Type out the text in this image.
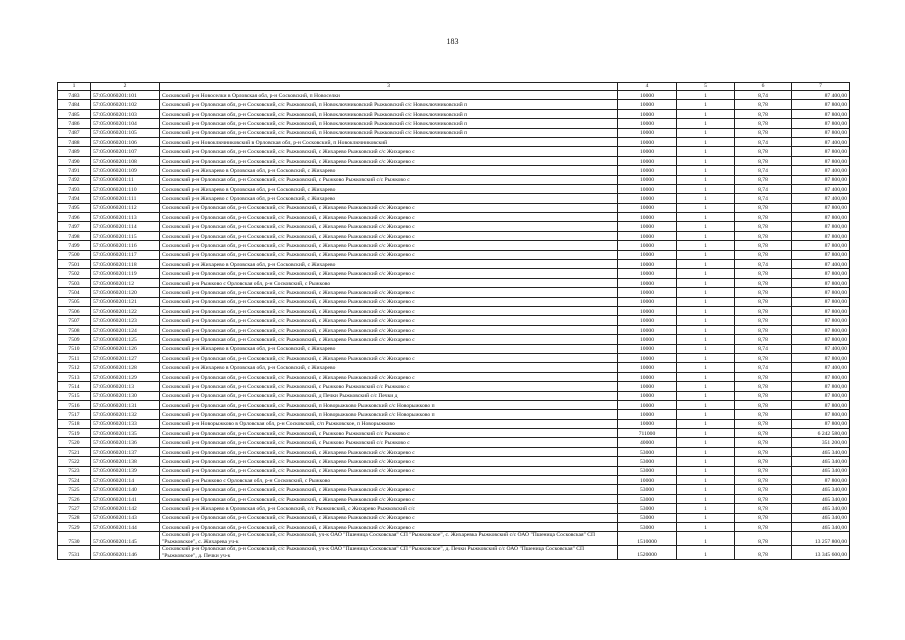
183
1	2	3	4	5	6	7
7483	57:05:0060201:101	Сосковский р-н Новоселки в Орловская обл, р-н Сосковский, п Новоселки	10000	1	8,74	87 400,00
7484	57:05:0060201:102	Сосковский р-н Орловская обл, р-н Сосковский, с/с Рыжковский, п Новоключниковский Рыжковский с/с Новоключниковский п	10000	1	8,78	87 800,00
7485	57:05:0060201:103	Сосковский р-н Орловская обл, р-н Сосковский, с/с Рыжковский, п Новоключниковский Рыжковский с/с Новоключниковский п	10000	1	8,78	87 800,00
7486	57:05:0060201:104	Сосковский р-н Орловская обл, р-н Сосковский, с/с Рыжковский, п Новоключниковский Рыжковский с/с Новоключниковский п	10000	1	8,78	87 800,00
7487	57:05:0060201:105	Сосковский р-н Орловская обл, р-н Сосковский, с/с Рыжковский, п Новоключниковский Рыжковский с/с Новоключниковский п	10000	1	8,78	87 800,00
7488	57:05:0060201:106	Сосковский р-н Новоключниковский в Орловская обл, р-н Сосковский, п Новоключниковский	10000	1	8,74	87 400,00
7489	57:05:0060201:107	Сосковский р-н Орловская обл, р-н Сосковский, с/с Рыжковский, с Жихарево Рыжковский с/с Жихарево с	10000	1	8,78	87 800,00
7490	57:05:0060201:108	Сосковский р-н Орловская обл, р-н Сосковский, с/с Рыжковский, с Жихарево Рыжковский с/с Жихарево с	10000	1	8,78	87 800,00
7491	57:05:0060201:109	Сосковский р-н Жихарево в Орловская обл, р-н Сосковский, с Жихарево	10000	1	8,74	87 400,00
7492	57:05:0060201:11	Сосковский р-н Орловская обл, р-н Сосковский, с/с Рыжковский, с Рыжково Рыжковский с/с Рыжково с	10000	1	8,78	87 800,00
7493	57:05:0060201:110	Сосковский р-н Жихарево в Орловская обл, р-н Сосковский, с Жихарево	10000	1	8,74	87 400,00
7494	57:05:0060201:111	Сосковский р-н Жихарево с Орловская обл, р-н Сосковский, с Жихарево	10000	1	8,74	87 400,00
7495	57:05:0060201:112	Сосковский р-н Орловская обл, р-н Сосковский, с/с Рыжковский, с Жихарево Рыжковский с/с Жихарево с	10000	1	8,78	87 800,00
7496	57:05:0060201:113	Сосковский р-н Орловская обл, р-н Сосковский, с/с Рыжковский, с Жихарево Рыжковский с/с Жихарево с	10000	1	8,78	87 800,00
7497	57:05:0060201:114	Сосковский р-н Орловская обл, р-н Сосковский, с/с Рыжковский, с Жихарево Рыжковский с/с Жихарево с	10000	1	8,78	87 800,00
7498	57:05:0060201:115	Сосковский р-н Орловская обл, р-н Сосковский, с/с Рыжковский, с Жихарево Рыжковский с/с Жихарево с	10000	1	8,78	87 800,00
7499	57:05:0060201:116	Сосковский р-н Орловская обл, р-н Сосковский, с/с Рыжковский, с Жихарево Рыжковский с/с Жихарево с	10000	1	8,78	87 800,00
7500	57:05:0060201:117	Сосковский р-н Орловская обл, р-н Сосковский, с/с Рыжковский, с Жихарево Рыжковский с/с Жихарево с	10000	1	8,78	87 800,00
7501	57:05:0060201:118	Сосковский р-н Жихарево в Орловская обл, р-н Сосковский, с Жихарево	10000	1	8,74	87 400,00
7502	57:05:0060201:119	Сосковский р-н Орловская обл, р-н Сосковский, с/с Рыжковский, с Жихарево Рыжковский с/с Жихарево с	10000	1	8,78	87 800,00
7503	57:05:0060201:12	Сосковский р-н Рыжково с Орловская обл, р-н Сосковский, с Рыжково	10000	1	8,78	87 800,00
7504	57:05:0060201:120	Сосковский р-н Орловская обл, р-н Сосковский, с/с Рыжковский, с Жихарево Рыжковский с/с Жихарево с	10000	1	8,78	87 800,00
7505	57:05:0060201:121	Сосковский р-н Орловская обл, р-н Сосковский, с/с Рыжковский, с Жихарево Рыжковский с/с Жихарево с	10000	1	8,78	87 800,00
7506	57:05:0060201:122	Сосковский р-н Орловская обл, р-н Сосковский, с/с Рыжковский, с Жихарево Рыжковский с/с Жихарево с	10000	1	8,78	87 800,00
7507	57:05:0060201:123	Сосковский р-н Орловская обл, р-н Сосковский, с/с Рыжковский, с Жихарево Рыжковский с/с Жихарево с	10000	1	8,78	87 800,00
7508	57:05:0060201:124	Сосковский р-н Орловская обл, р-н Сосковский, с/с Рыжковский, с Жихарево Рыжковский с/с Жихарево с	10000	1	8,78	87 800,00
7509	57:05:0060201:125	Сосковский р-н Орловская обл, р-н Сосковский, с/с Рыжковский, с Жихарево Рыжковский с/с Жихарево с	10000	1	8,78	87 800,00
7510	57:05:0060201:126	Сосковский р-н Жихарево в Орловская обл, р-н Сосковский, с Жихарево	10000	1	8,74	87 400,00
7511	57:05:0060201:127	Сосковский р-н Орловская обл, р-н Сосковский, с/с Рыжковский, с Жихарево Рыжковский с/с Жихарево с	10000	1	8,78	87 800,00
7512	57:05:0060201:128	Сосковский р-н Жихарево в Орловская обл, р-н Сосковский, с Жихарево	10000	1	8,74	87 400,00
7513	57:05:0060201:129	Сосковский р-н Орловская обл, р-н Сосковский, с/с Рыжковский, с Жихарево Рыжковский с/с Жихарево с	10000	1	8,78	87 800,00
7514	57:05:0060201:13	Сосковский р-н Орловская обл, р-н Сосковский, с/с Рыжковский, с Рыжково Рыжковский с/с Рыжково с	10000	1	8,78	87 800,00
7515	57:05:0060201:130	Сосковский р-н Орловская обл, р-н Сосковский, с/с Рыжковский, д Печки Рыжковский с/с Печки д	10000	1	8,78	87 800,00
7516	57:05:0060201:131	Сосковский р-н Орловская обл, р-н Сосковский, с/с Рыжковский, п Новорыжково Рыжковский с/с Новорыжково п	10000	1	8,78	87 800,00
7517	57:05:0060201:132	Сосковский р-н Орловская обл, р-н Сосковский, с/с Рыжковский, п Новорыжково Рыжковский с/с Новорыжково п	10000	1	8,78	87 800,00
7518	57:05:0060201:133	Сосковский р-н Новорыжково в Орловская обл, р-н Сосковский, с/п Рыжковское, п Новорыжково	10000	1	8,78	87 800,00
7519	57:05:0060201:135	Сосковский р-н Орловская обл, р-н Сосковский, с/с Рыжковский, с Рыжково Рыжковский с/с Рыжково с	711000	1	8,78	6 242 580,00
7520	57:05:0060201:136	Сосковский р-н Орловская обл, р-н Сосковский, с/с Рыжковский, с Рыжково Рыжковский с/с Рыжково с	40000	1	8,78	351 200,00
7521	57:05:0060201:137	Сосковский р-н Орловская обл, р-н Сосковский, с/с Рыжковский, с Жихарево Рыжковский с/с Жихарево с	53000	1	8,78	465 340,00
7522	57:05:0060201:138	Сосковский р-н Орловская обл, р-н Сосковский, с/с Рыжковский, с Жихарево Рыжковский с/с Жихарево с	53000	1	8,78	465 340,00
7523	57:05:0060201:139	Сосковский р-н Орловская обл, р-н Сосковский, с/с Рыжковский, с Жихарево Рыжковский с/с Жихарево с	53000	1	8,78	465 340,00
7524	57:05:0060201:14	Сосковский р-н Рыжково с Орловская обл, р-н Сосковский, с Рыжково	10000	1	8,78	87 800,00
7525	57:05:0060201:140	Сосковский р-н Орловская обл, р-н Сосковский, с/с Рыжковский, с Жихарево Рыжковский с/с Жихарево с	53000	1	8,78	465 340,00
7526	57:05:0060201:141	Сосковский р-н Орловская обл, р-н Сосковский, с/с Рыжковский, с Жихарево Рыжковский с/с Жихарево с	53000	1	8,78	465 340,00
7527	57:05:0060201:142	Сосковский р-н Жихарево в Орловская обл, р-н Сосковский, с/с Рыжковский, с Жихарево Рыжковский с/с	53000	1	8,78	465 340,00
7528	57:05:0060201:143	Сосковский р-н Орловская обл, р-н Сосковский, с/с Рыжковский, с Жихарево Рыжковский с/с Жихарево с	53000	1	8,78	465 340,00
7529	57:05:0060201:144	Сосковский р-н Орловская обл, р-н Сосковский, с/с Рыжковский, с Жихарево Рыжковский с/с Жихарево с	53000	1	8,78	465 340,00
7530	57:05:0060201:145	Сосковский р-н Орловская обл, р-н Сосковский, с/с Рыжковский, уч-к ОАО "Пшеница Сосковская" СП "Рыжковское", с. Жихаревка Рыжковский с/с ОАО "Пшеница Сосковская" СП "Рыжковское", с. Жихарева уч-к	1510000	1	8,78	13 257 800,00
7531	57:05:0060201:146	Сосковский р-н Орловская обл, р-н Сосковский, с/с Рыжковский, уч-к ОАО "Пшеница Сосковская" СП "Рыжковское", д. Печки Рыжковский с/с ОАО "Пшеница Сосковская" СП "Рыжковское", д. Печки уч-к	1520000	1	8,78	13 345 600,00
